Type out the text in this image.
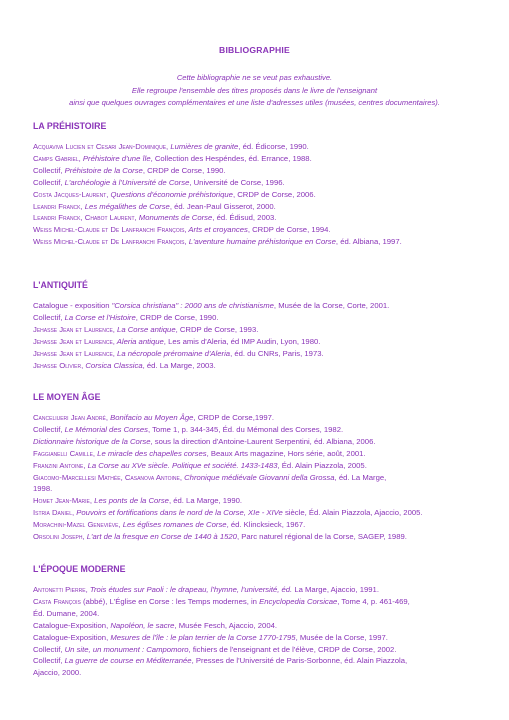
BIBLIOGRAPHIE
Cette bibliographie ne se veut pas exhaustive.
Elle regroupe l'ensemble des titres proposés dans le livre de l'enseignant
ainsi que quelques ouvrages complémentaires et une liste d'adresses utiles (musées, centres documentaires).
LA PRÉHISTOIRE
Acquaviva Lucien et Cesari Jean-Dominique, Lumières de granite, éd. Édicorse, 1990.
Camps Gabriel, Préhistoire d'une île, Collection des Hespéndes, éd. Errance, 1988.
Collectif, Préhistoire de la Corse, CRDP de Corse, 1990.
Collectif, L'archéologie à l'Université de Corse, Université de Corse, 1996.
Costa Jacques-Laurent, Questions d'économie préhistorique, CRDP de Corse, 2006.
Leandri Franck, Les mégalithes de Corse, éd. Jean-Paul Gisserot, 2000.
Leandri Franck, Chabot Laurent, Monuments de Corse, éd. Édisud, 2003.
Weiss Michel-Claude et De Lanfranchi François, Arts et croyances, CRDP de Corse, 1994.
Weiss Michel-Claude et De Lanfranchi François, L'aventure humaine préhistorique en Corse, éd. Albiana, 1997.
L'ANTIQUITÉ
Catalogue - exposition "Corsica christiana" : 2000 ans de christianisme, Musée de la Corse, Corte, 2001.
Collectif, La Corse et l'Histoire, CRDP de Corse, 1990.
Jehasse Jean et Laurence, La Corse antique, CRDP de Corse, 1993.
Jehasse Jean et Laurence, Aleria antique, Les amis d'Aleria, éd IMP Audin, Lyon, 1980.
Jehasse Jean et Laurence, La nécropole préromaine d'Aleria, éd. du CNRs, Paris, 1973.
Jehasse Olivier, Corsica Classica, éd. La Marge, 2003.
LE MOYEN ÂGE
Canceliueri Jean André, Bonifacio au Moyen Âge, CRDP de Corse,1997.
Collectif, Le Mémorial des Corses, Tome 1, p. 344-345, Éd. du Mémonal des Corses, 1982.
Dictionnaire historique de la Corse, sous la direction d'Antoine-Laurent Serpentini, éd. Albiana, 2006.
Faggianelli Camille, Le miracle des chapelles corses, Beaux Arts magazine, Hors série, août, 2001.
Franzini Antoine, La Corse au XVe siècle. Politique et société. 1433-1483, Éd. Alain Piazzola, 2005.
Giacomo-Marcellesi Mathée, Casanova Antoine, Chronique médiévale Giovanni della Grossa, éd. La Marge,
1998.
Homet Jean-Marie, Les ponts de la Corse, éd. La Marge, 1990.
Istria Daniel, Pouvoirs et fortifications dans le nord de la Corse, XIe - XIVe siècle, Éd. Alain Piazzola, Ajaccio, 2005.
Morachini-Mazel Geneviève, Les églises romanes de Corse, éd. Klincksieck, 1967.
Orsolini Joseph, L'art de la fresque en Corse de 1440 à 1520, Parc naturel régional de la Corse, SAGEP, 1989.
L'ÉPOQUE MODERNE
Antonetti Pierre, Trois études sur Paoli : le drapeau, l'hymne, l'université, éd. La Marge, Ajaccio, 1991.
Casta François (abbé), L'Église en Corse : les Temps modernes, in Encyclopedia Corsicae, Tome 4, p. 461-469,
Éd. Dumane, 2004.
Catalogue-Exposition, Napoléon, le sacre, Musée Fesch, Ajaccio, 2004.
Catalogue-Exposition, Mesures de l'île : le plan terrier de la Corse 1770-1795, Musée de la Corse, 1997.
Collectif, Un site, un monument : Campomoro, fichiers de l'enseignant et de l'élève, CRDP de Corse, 2002.
Collectif, La guerre de course en Méditerranée, Presses de l'Université de Paris-Sorbonne, éd. Alain Piazzola,
Ajaccio, 2000.
